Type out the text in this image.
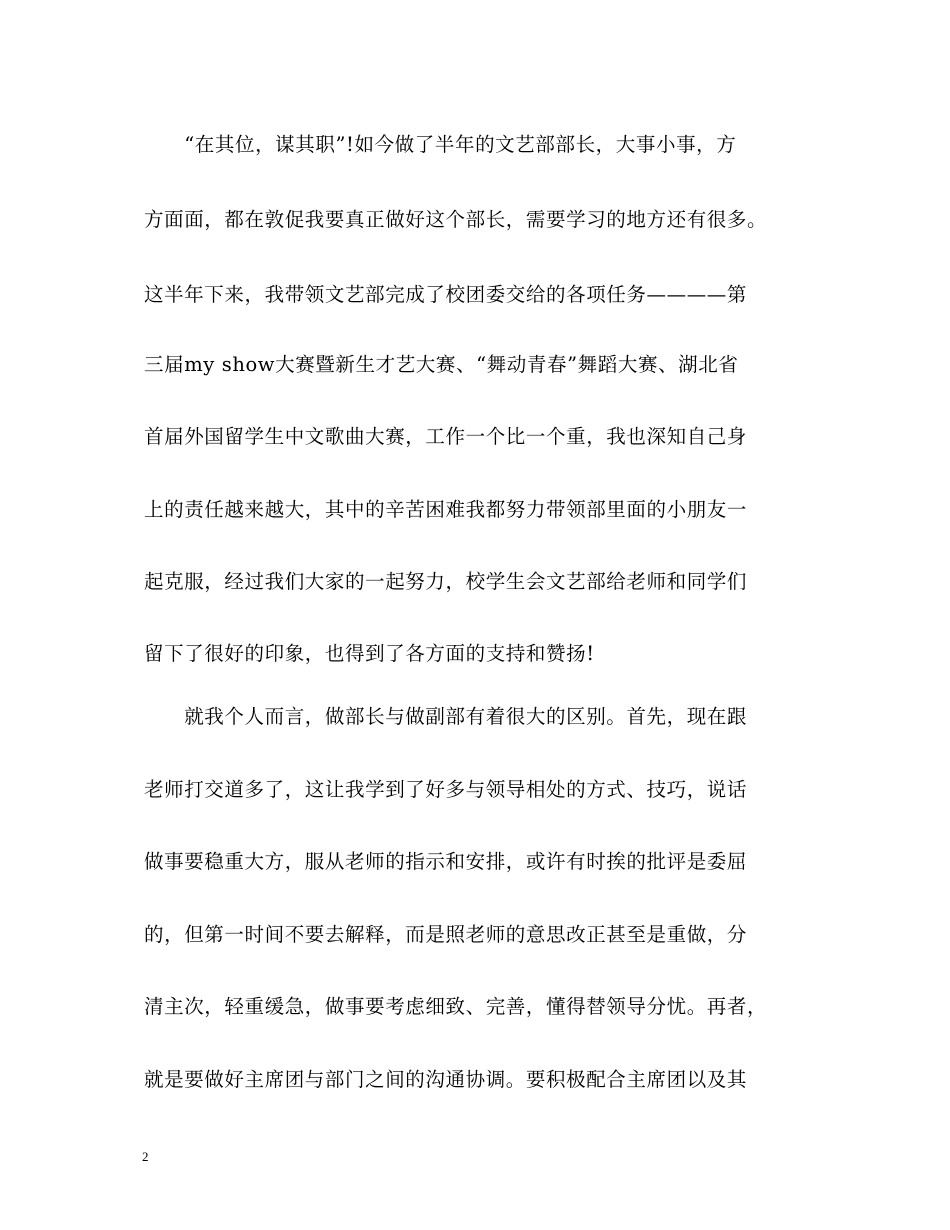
　　“在其位，谋其职”!如今做了半年的文艺部部长，大事小事，方
方面面，都在敦促我要真正做好这个部长，需要学习的地方还有很多。
这半年下来，我带领文艺部完成了校团委交给的各项任务————第
三届my show大赛暨新生才艺大赛、“舞动青春”舞蹈大赛、湖北省
首届外国留学生中文歌曲大赛，工作一个比一个重，我也深知自己身
上的责任越来越大，其中的辛苦困难我都努力带领部里面的小朋友一
起克服，经过我们大家的一起努力，校学生会文艺部给老师和同学们
留下了很好的印象，也得到了各方面的支持和赞扬!
　　就我个人而言，做部长与做副部有着很大的区别。首先，现在跟
老师打交道多了，这让我学到了好多与领导相处的方式、技巧，说话
做事要稳重大方，服从老师的指示和安排，或许有时挨的批评是委屈
的，但第一时间不要去解释，而是照老师的意思改正甚至是重做，分
清主次，轻重缓急，做事要考虑细致、完善，懂得替领导分忧。再者，
就是要做好主席团与部门之间的沟通协调。要积极配合主席团以及其
2
